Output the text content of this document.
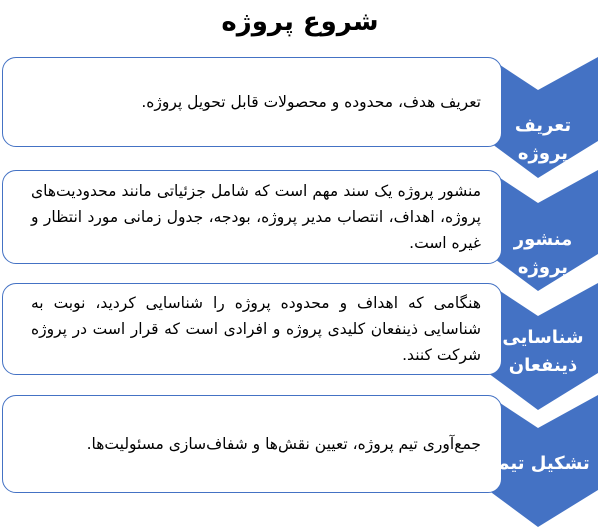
شروع پروژه
تعریف هدف، محدوده و محصولات قابل تحویل پروژه.
تعریف پروژه
منشور پروژه یک سند مهم است که شامل جزئیاتی مانند محدودیت‌های پروژه، اهداف، انتصاب مدیر پروژه، بودجه، جدول زمانی مورد انتظار و غیره است.	منشور پروژه
هنگامی که اهداف و محدوده پروژه را شناسایی کردید، نوبت به شناسایی ذینفعان کلیدی پروژه و افرادی است که قرار است در پروژه شرکت کنند.
شناسایی ذینفعان
جمع‌آوری تیم پروژه، تعیین نقش‌ها و شفاف‌سازی مسئولیت‌ها.
تشکیل تیم
